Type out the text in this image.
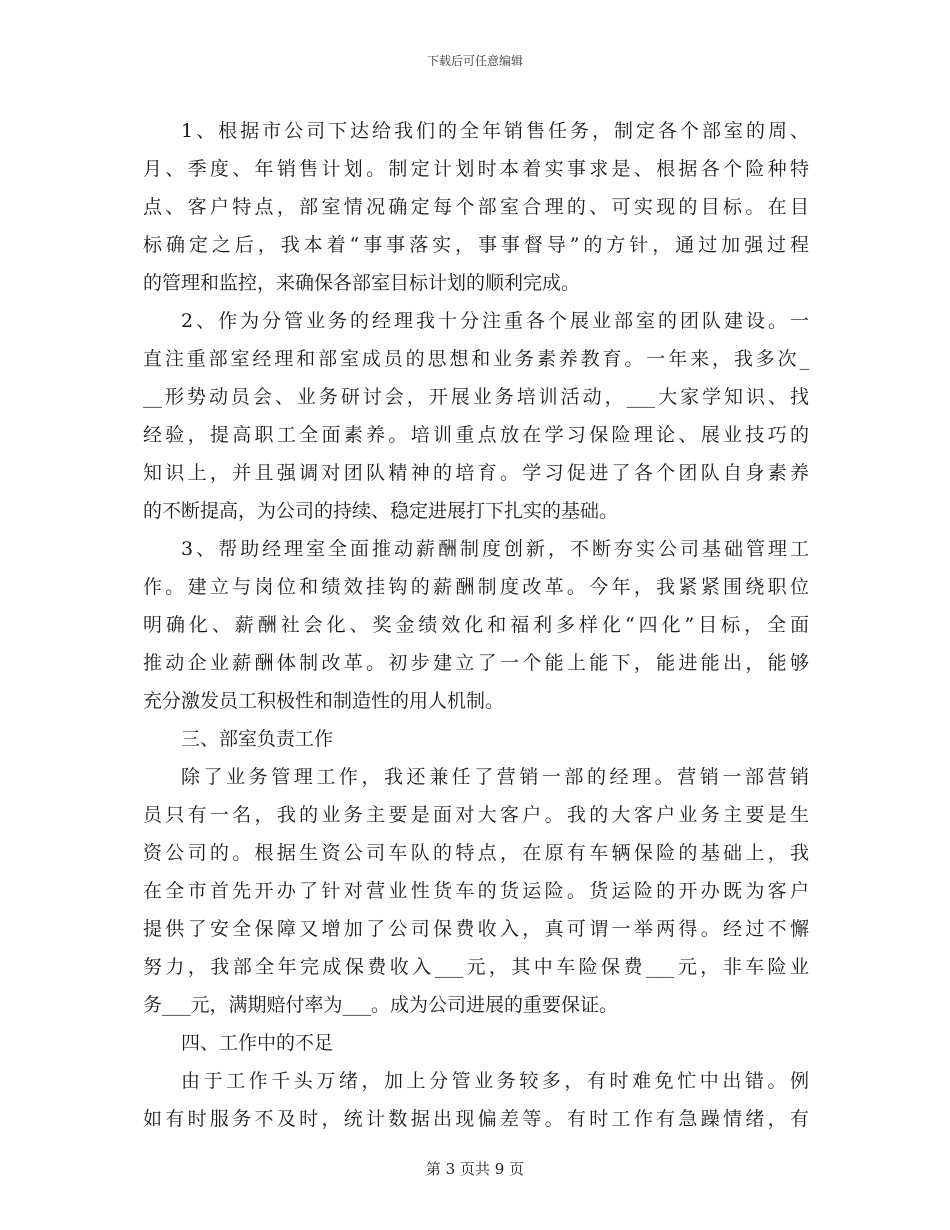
下载后可任意编辑
1、根据市公司下达给我们的全年销售任务，制定各个部室的周、
月、季度、年销售计划。制定计划时本着实事求是、根据各个险种特
点、客户特点，部室情况确定每个部室合理的、可实现的目标。在目
标确定之后，我本着“事事落实，事事督导”的方针，通过加强过程
的管理和监控，来确保各部室目标计划的顺利完成。
2、作为分管业务的经理我十分注重各个展业部室的团队建设。一
直注重部室经理和部室成员的思想和业务素养教育。一年来，我多次_
__形势动员会、业务研讨会，开展业务培训活动，___大家学知识、找
经验，提高职工全面素养。培训重点放在学习保险理论、展业技巧的
知识上，并且强调对团队精神的培育。学习促进了各个团队自身素养
的不断提高，为公司的持续、稳定进展打下扎实的基础。
3、帮助经理室全面推动薪酬制度创新，不断夯实公司基础管理工
作。建立与岗位和绩效挂钩的薪酬制度改革。今年，我紧紧围绕职位
明确化、薪酬社会化、奖金绩效化和福利多样化“四化”目标，全面
推动企业薪酬体制改革。初步建立了一个能上能下，能进能出，能够
充分激发员工积极性和制造性的用人机制。
三、部室负责工作
除了业务管理工作，我还兼任了营销一部的经理。营销一部营销
员只有一名，我的业务主要是面对大客户。我的大客户业务主要是生
资公司的。根据生资公司车队的特点，在原有车辆保险的基础上，我
在全市首先开办了针对营业性货车的货运险。货运险的开办既为客户
提供了安全保障又增加了公司保费收入，真可谓一举两得。经过不懈
努力，我部全年完成保费收入___元，其中车险保费___元，非车险业
务___元，满期赔付率为___。成为公司进展的重要保证。
四、工作中的不足
由于工作千头万绪，加上分管业务较多，有时难免忙中出错。例
如有时服务不及时，统计数据出现偏差等。有时工作有急躁情绪，有
第 3 页共 9 页
